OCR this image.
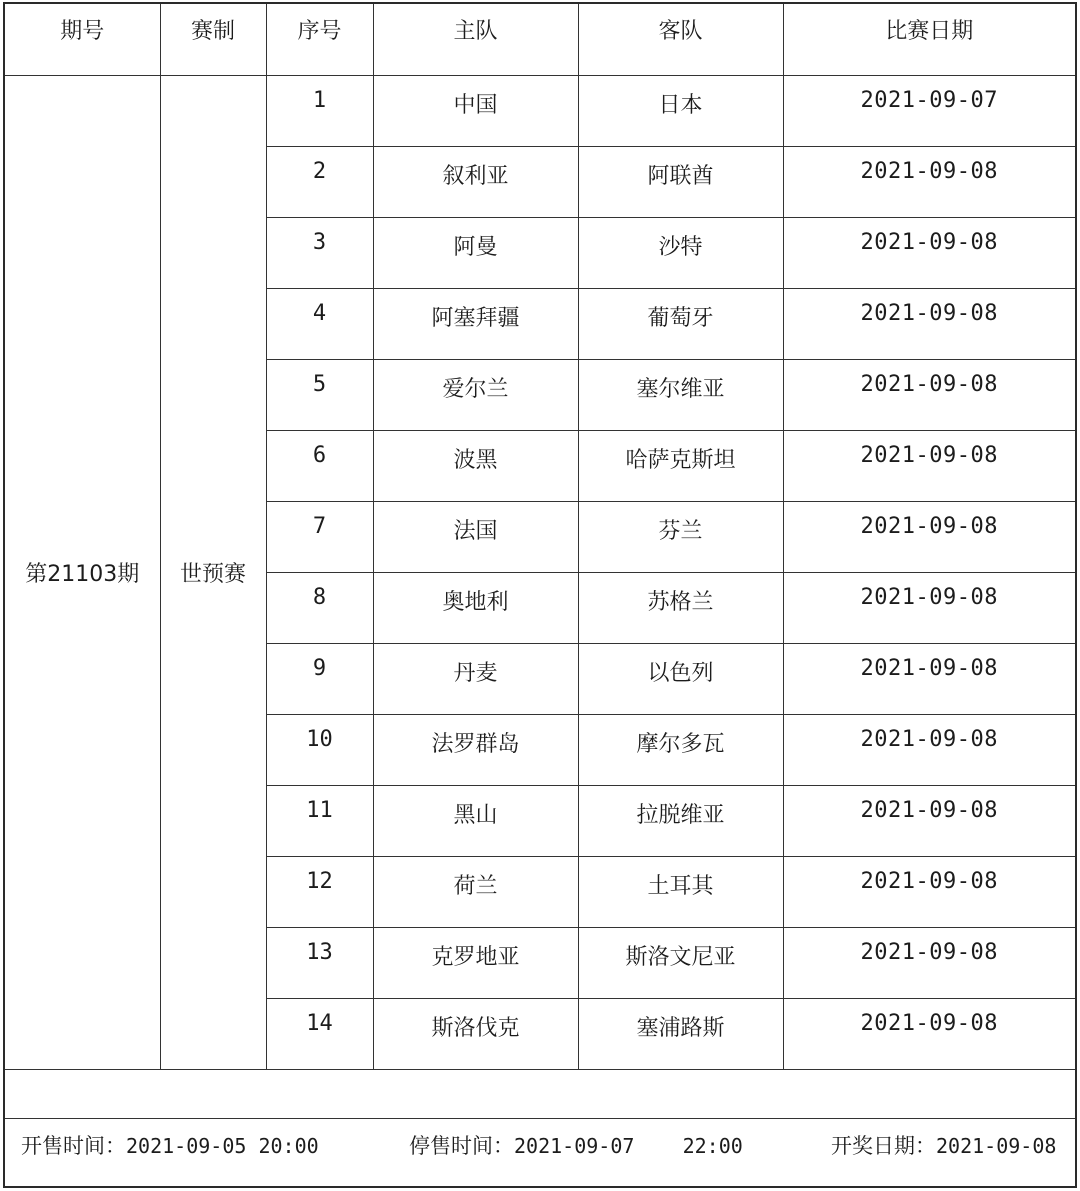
期号	赛制	序号	主队	客队	比赛日期
第21103期	世预赛	1	中国	日本	2021-09-07
		2	叙利亚	阿联酋	2021-09-08
		3	阿曼	沙特	2021-09-08
		4	阿塞拜疆	葡萄牙	2021-09-08
		5	爱尔兰	塞尔维亚	2021-09-08
		6	波黑	哈萨克斯坦	2021-09-08
		7	法国	芬兰	2021-09-08
		8	奥地利	苏格兰	2021-09-08
		9	丹麦	以色列	2021-09-08
		10	法罗群岛	摩尔多瓦	2021-09-08
		11	黑山	拉脱维亚	2021-09-08
		12	荷兰	土耳其	2021-09-08
		13	克罗地亚	斯洛文尼亚	2021-09-08
		14	斯洛伐克	塞浦路斯	2021-09-08
开售时间：2021-09-05 20:00	停售时间：2021-09-07    22:00	开奖日期：2021-09-08
